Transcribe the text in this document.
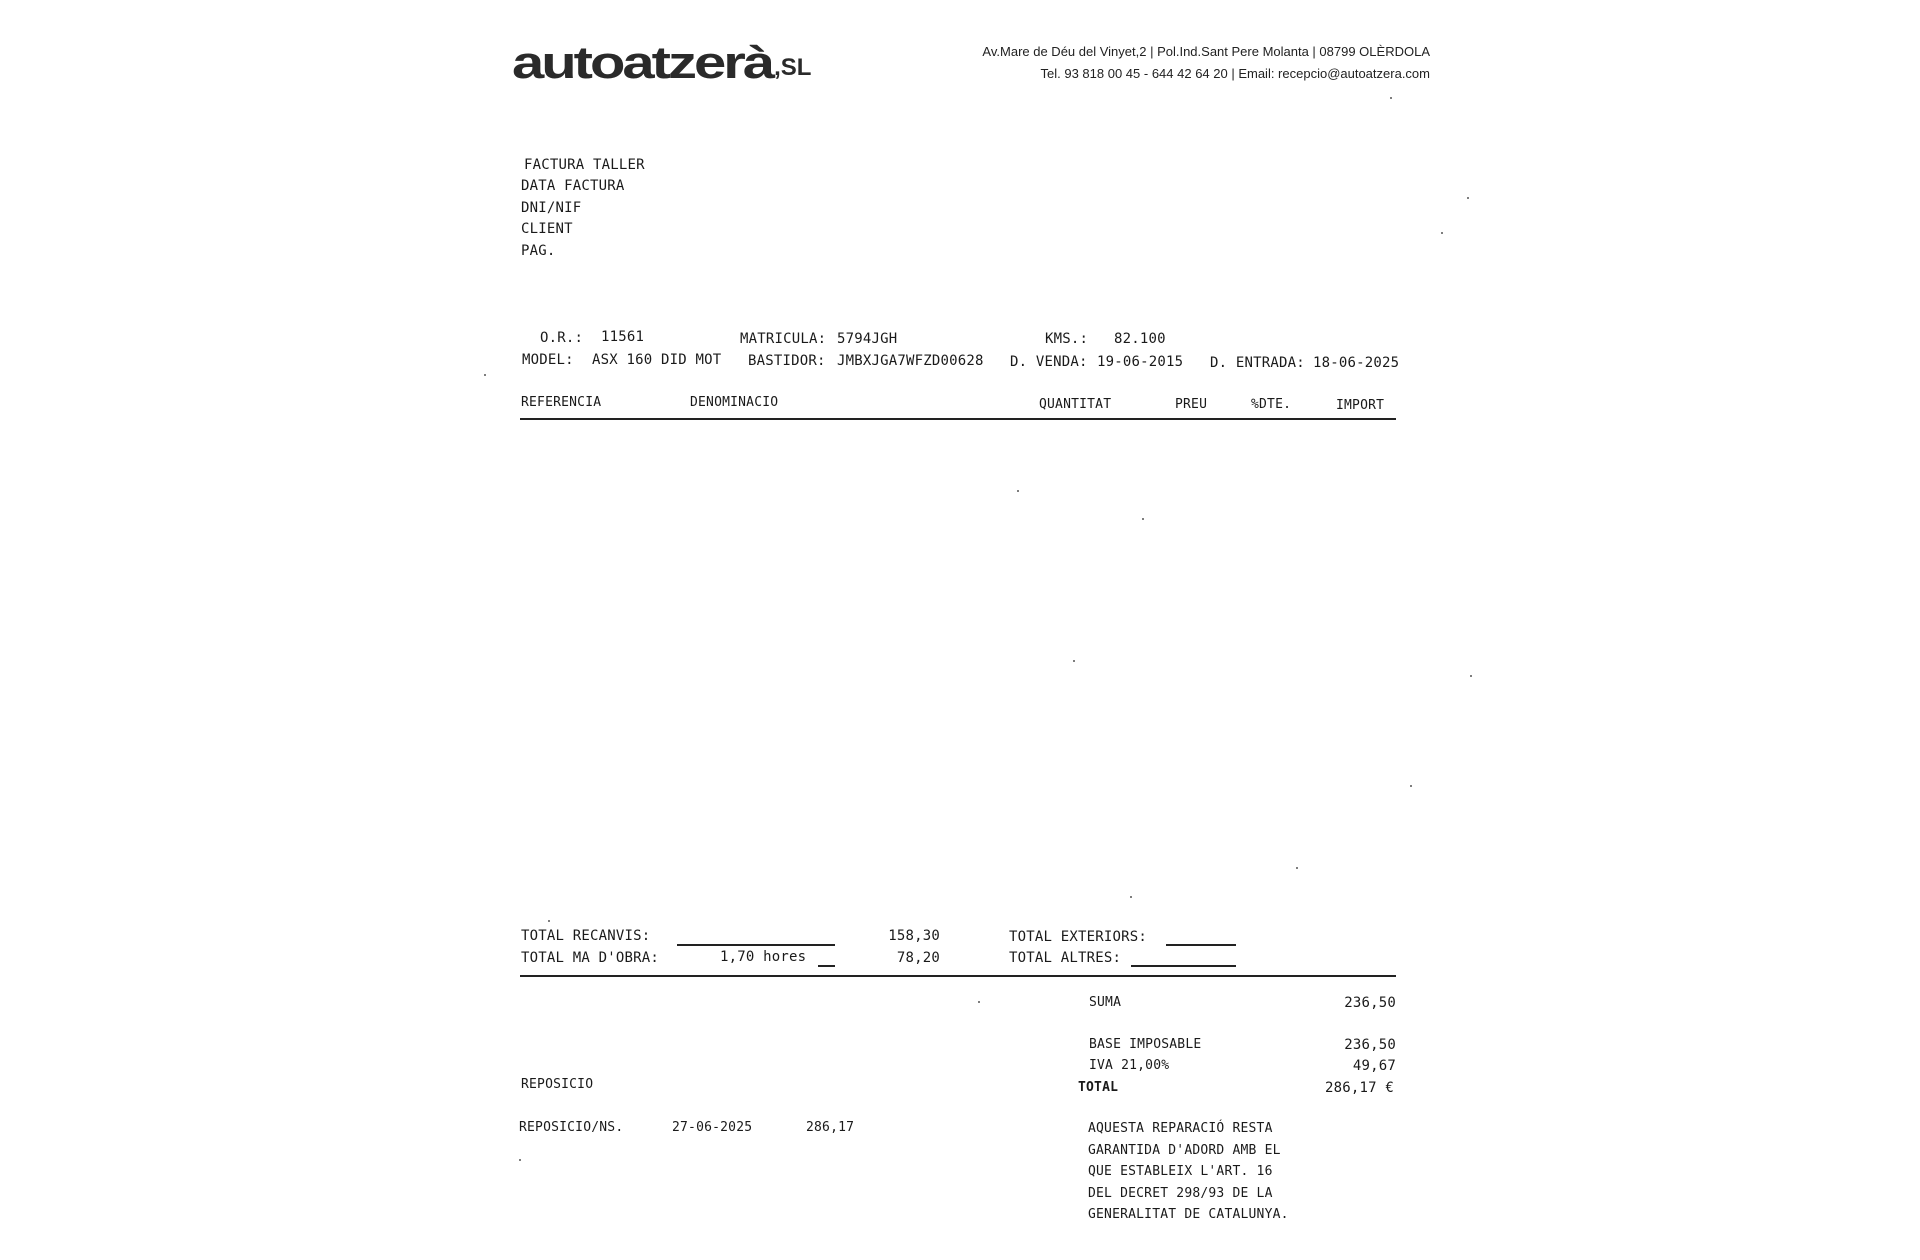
autoatzerà,SL
Av.Mare de Déu del Vinyet,2 | Pol.Ind.Sant Pere Molanta | 08799 OLÈRDOLA
Tel. 93 818 00 45 - 644 42 64 20 | Email: recepcio@autoatzera.com
FACTURA TALLER
DATA FACTURA
DNI/NIF
CLIENT
PAG.
O.R.: 11561	MATRICULA: 5794JGH	KMS.: 82.100
MODEL: ASX 160 DID MOT BASTIDOR: JMBXJGA7WFZD00628 D. VENDA: 19-06-2015 D. ENTRADA: 18-06-2025
REFERENCIA	DENOMINACIO	QUANTITAT	PREU	%DTE.	IMPORT
TOTAL RECANVIS:	158,30
TOTAL MA D'OBRA:	1,70 hores	78,20
TOTAL EXTERIORS:
TOTAL ALTRES:
SUMA	236,50
BASE IMPOSABLE	236,50
IVA 21,00%	49,67
TOTAL	286,17 €
REPOSICIO
REPOSICIO/NS.	27-06-2025	286,17	AQUESTA REPARACIÓ RESTA
GARANTIDA D'ADORD AMB EL
QUE ESTABLEIX L'ART. 16
DEL DECRET 298/93 DE LA
GENERALITAT DE CATALUNYA.
